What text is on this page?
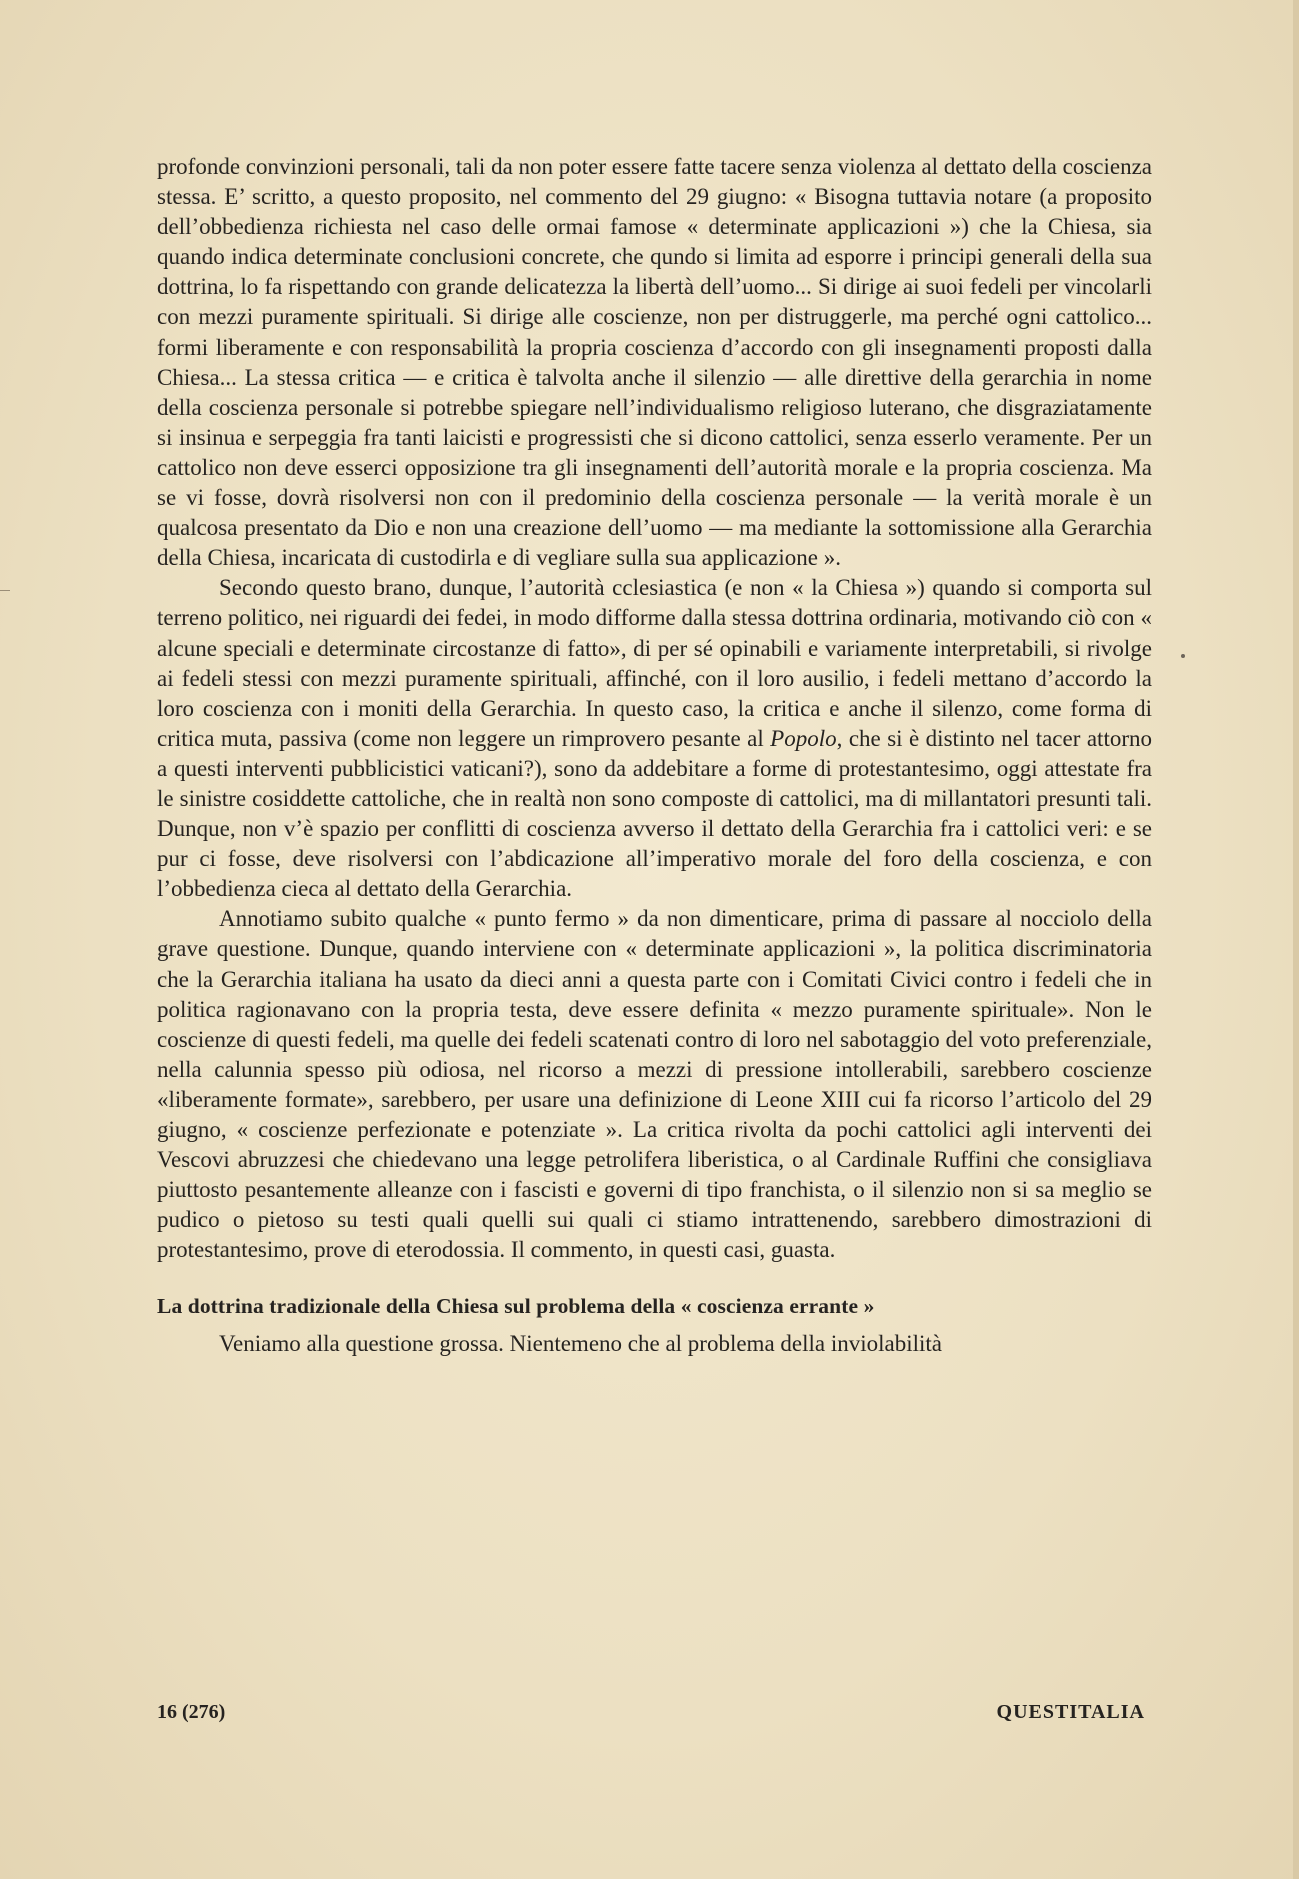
profonde convinzioni personali, tali da non poter essere fatte tacere senza violenza al dettato della coscienza stessa. E’ scritto, a questo proposito, nel commento del 29 giugno: « Bisogna tuttavia notare (a proposito dell’obbedienza richiesta nel caso delle ormai famose « determinate applicazioni ») che la Chiesa, sia quando indica determinate conclusioni concrete, che qundo si limita ad esporre i principi generali della sua dottrina, lo fa rispettando con grande delicatezza la libertà dell’uomo... Si dirige ai suoi fedeli per vincolarli con mezzi puramente spirituali. Si dirige alle coscienze, non per distruggerle, ma perché ogni cattolico... formi liberamente e con responsabilità la propria coscienza d’accordo con gli insegnamenti proposti dalla Chiesa... La stessa critica — e critica è talvolta anche il silenzio — alle direttive della gerarchia in nome della coscienza personale si potrebbe spiegare nell’individualismo religioso luterano, che disgraziatamente si insinua e serpeggia fra tanti laicisti e progressisti che si dicono cattolici, senza esserlo veramente. Per un cattolico non deve esserci opposizione tra gli insegnamenti dell’autorità morale e la propria coscienza. Ma se vi fosse, dovrà risolversi non con il predominio della coscienza personale — la verità morale è un qualcosa presentato da Dio e non una creazione dell’uomo — ma mediante la sottomissione alla Gerarchia della Chiesa, incaricata di custodirla e di vegliare sulla sua applicazione ».

Secondo questo brano, dunque, l’autorità cclesiastica (e non « la Chiesa ») quando si comporta sul terreno politico, nei riguardi dei fedei, in modo difforme dalla stessa dottrina ordinaria, motivando ciò con « alcune speciali e determinate circostanze di fatto», di per sé opinabili e variamente interpretabili, si rivolge ai fedeli stessi con mezzi puramente spirituali, affinché, con il loro ausilio, i fedeli mettano d’accordo la loro coscienza con i moniti della Gerarchia. In questo caso, la critica e anche il silenzo, come forma di critica muta, passiva (come non leggere un rimprovero pesante al Popolo, che si è distinto nel tacer attorno a questi interventi pubblicistici vaticani?), sono da addebitare a forme di protestantesimo, oggi attestate fra le sinistre cosiddette cattoliche, che in realtà non sono composte di cattolici, ma di millantatori presunti tali. Dunque, non v’è spazio per conflitti di coscienza avverso il dettato della Gerarchia fra i cattolici veri: e se pur ci fosse, deve risolversi con l’abdicazione all’imperativo morale del foro della coscienza, e con l’obbedienza cieca al dettato della Gerarchia.

Annotiamo subito qualche « punto fermo » da non dimenticare, prima di passare al nocciolo della grave questione. Dunque, quando interviene con « determinate applicazioni », la politica discriminatoria che la Gerarchia italiana ha usato da dieci anni a questa parte con i Comitati Civici contro i fedeli che in politica ragionavano con la propria testa, deve essere definita « mezzo puramente spirituale». Non le coscienze di questi fedeli, ma quelle dei fedeli scatenati contro di loro nel sabotaggio del voto preferenziale, nella calunnia spesso più odiosa, nel ricorso a mezzi di pressione intollerabili, sarebbero coscienze «liberamente formate», sarebbero, per usare una definizione di Leone XIII cui fa ricorso l’articolo del 29 giugno, « coscienze perfezionate e potenziate ». La critica rivolta da pochi cattolici agli interventi dei Vescovi abruzzesi che chiedevano una legge petrolifera liberistica, o al Cardinale Ruffini che consigliava piuttosto pesantemente alleanze con i fascisti e governi di tipo franchista, o il silenzio non si sa meglio se pudico o pietoso su testi quali quelli sui quali ci stiamo intrattenendo, sarebbero dimostrazioni di protestantesimo, prove di eterodossia. Il commento, in questi casi, guasta.

La dottrina tradizionale della Chiesa sul problema della « coscienza errante »

Veniamo alla questione grossa. Nientemeno che al problema della inviolabilità

16 (276)	QUESTITALIA
